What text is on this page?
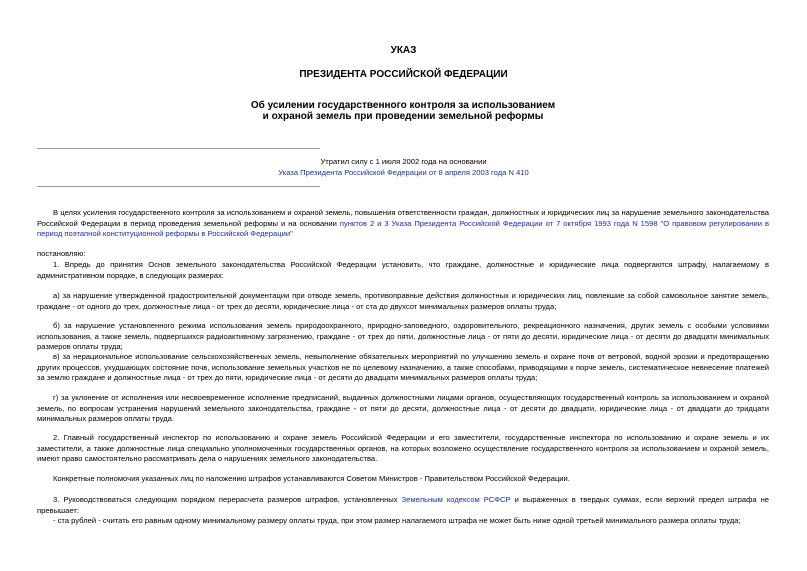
УКАЗ
ПРЕЗИДЕНТА РОССИЙСКОЙ ФЕДЕРАЦИИ
Об усилении государственного контроля за использованием и охраной земель при проведении земельной реформы
Утратил силу с 1 июля 2002 года на основании
Указа Президента Российской Федерации от 8 апреля 2003 года N 410

В целях усиления государственного контроля за использованием и охраной земель, повышения ответственности граждан, должностных и юридических лиц за нарушение земельного законодательства Российской Федерации в период проведения земельной реформы и на основании пунктов 2 и 3 Указа Президента Российской Федерации от 7 октября 1993 года N 1598 "О правовом регулировании в период поэтапной конституционной реформы в Российской Федерации"

постановляю:

1. Впредь до принятия Основ земельного законодательства Российской Федерации установить, что граждане, должностные и юридические лица подвергаются штрафу, налагаемому в административном порядке, в следующих размерах:

а) за нарушение утвержденной градостроительной документации при отводе земель, противоправные действия должностных и юридических лиц, повлекшие за собой самовольное занятие земель, граждане - от одного до трех, должностные лица - от трех до десяти, юридические лица - от ста до двухсот минимальных размеров оплаты труда;

б) за нарушение установленного режима использования земель природоохранного, природно-заповедного, оздоровительного, рекреационного назначения, других земель с особыми условиями использования, а также земель, подвергшихся радиоактивному загрязнению, граждане - от трех до пяти, должностные лица - от пяти до десяти, юридические лица - от десяти до двадцати минимальных размеров оплаты труда;

в) за нерациональное использование сельскохозяйственных земель, невыполнение обязательных мероприятий по улучшению земель и охране почв от ветровой, водной эрозии и предотвращению других процессов, ухудшающих состояние почв, использование земельных участков не по целевому назначению, а также способами, приводящими к порче земель, систематическое невнесение платежей за землю граждане и должностные лица - от трех до пяти, юридические лица - от десяти до двадцати минимальных размеров оплаты труда;

г) за уклонение от исполнения или несвоевременное исполнение предписаний, выданных должностными лицами органов, осуществляющих государственный контроль за использованием и охраной земель, по вопросам устранения нарушений земельного законодательства, граждане - от пяти до десяти, должностные лица - от десяти до двадцати, юридические лица - от двадцати до тридцати минимальных размеров оплаты труда.

2. Главный государственный инспектор по использованию и охране земель Российской Федерации и его заместители, государственные инспектора по использованию и охране земель и их заместители, а также должностные лица специально уполномоченных государственных органов, на которых возложено осуществление государственного контроля за использованием и охраной земель, имеют право самостоятельно рассматривать дела о нарушениях земельного законодательства.

Конкретные полномочия указанных лиц по наложению штрафов устанавливаются Советом Министров - Правительством Российской Федерации.

3. Руководствоваться следующим порядком перерасчета размеров штрафов, установленных Земельным кодексом РСФСР и выраженных в твердых суммах, если верхний предел штрафа не превышает:

- ста рублей - считать его равным одному минимальному размеру оплаты труда, при этом размер налагаемого штрафа не может быть ниже одной третьей минимального размера оплаты труда;
